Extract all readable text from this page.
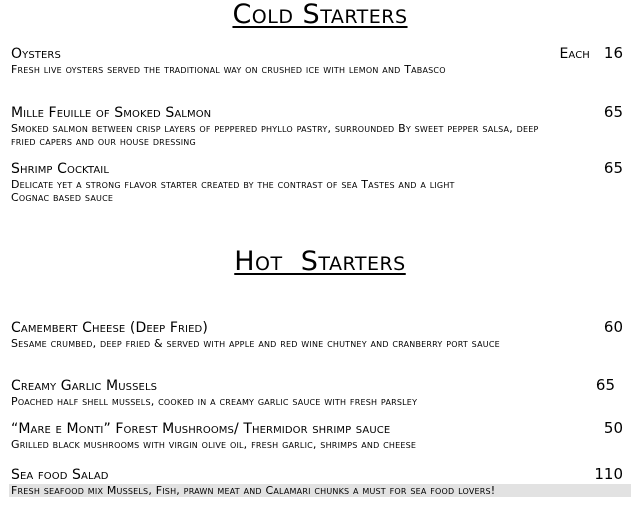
Cold Starters
Oysters	Each 16
Fresh live oysters served the traditional way on crushed ice with lemon and Tabasco
Mille Feuille of Smoked Salmon	65
Smoked salmon between crisp layers of peppered phyllo pastry, surrounded By sweet pepper salsa, deep fried capers and our house dressing
Shrimp Cocktail	65
Delicate yet a strong flavor starter created by the contrast of sea Tastes and a light Cognac based sauce
Hot  Starters
Camembert Cheese (Deep Fried)	60
Sesame crumbed, deep fried & served with apple and red wine chutney and cranberry port sauce
Creamy Garlic Mussels	65
Poached half shell mussels, cooked in a creamy garlic sauce with fresh parsley
“Mare e Monti” Forest Mushrooms/ Thermidor shrimp sauce	50
Grilled black mushrooms with virgin olive oil, fresh garlic, shrimps and cheese
Sea food Salad	110
Fresh seafood mix Mussels, Fish, prawn meat and Calamari chunks a must for sea food lovers!
